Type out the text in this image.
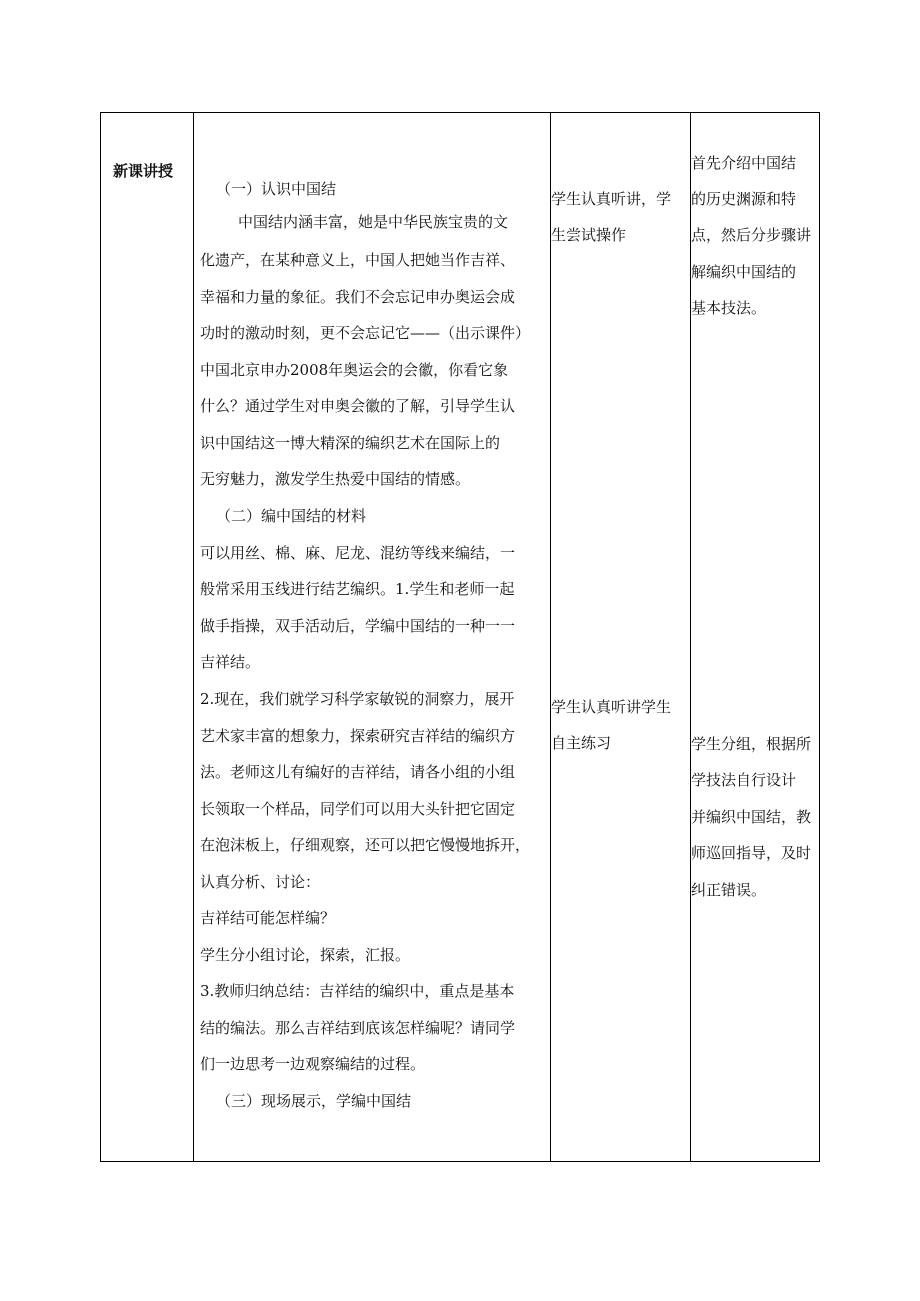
新课讲授
（一）认识中国结
中国结内涵丰富，她是中华民族宝贵的文
化遗产，在某种意义上，中国人把她当作吉祥、
幸福和力量的象征。我们不会忘记申办奥运会成
功时的激动时刻，更不会忘记它——（出示课件）
中国北京申办2008年奥运会的会徽，你看它象
什么？通过学生对申奥会徽的了解，引导学生认
识中国结这一博大精深的编织艺术在国际上的
无穷魅力，激发学生热爱中国结的情感。
（二）编中国结的材料
可以用丝、棉、麻、尼龙、混纺等线来编结，一
般常采用玉线进行结艺编织。1.学生和老师一起
做手指操，双手活动后，学编中国结的一种一一
吉祥结。
2.现在，我们就学习科学家敏锐的洞察力，展开
艺术家丰富的想象力，探索研究吉祥结的编织方
法。老师这儿有编好的吉祥结，请各小组的小组
长领取一个样品，同学们可以用大头针把它固定
在泡沫板上，仔细观察，还可以把它慢慢地拆开，
认真分析、讨论：
吉祥结可能怎样编？
学生分小组讨论，探索，汇报。
3.教师归纳总结：吉祥结的编织中，重点是基本
结的编法。那么吉祥结到底该怎样编呢？请同学
们一边思考一边观察编结的过程。
（三）现场展示，学编中国结
学生认真听讲，学
生尝试操作
学生认真听讲学生
自主练习
首先介绍中国结
的历史渊源和特
点，然后分步骤讲
解编织中国结的
基本技法。
学生分组，根据所
学技法自行设计
并编织中国结，教
师巡回指导，及时
纠正错误。
